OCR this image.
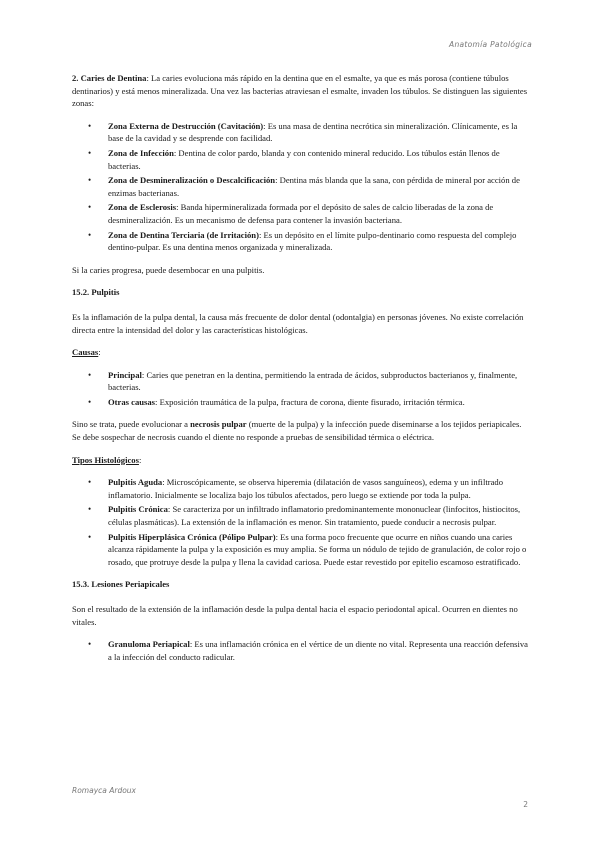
Anatomía Patológica

2. Caries de Dentina: La caries evoluciona más rápido en la dentina que en el esmalte, ya que es más porosa (contiene túbulos dentinarios) y está menos mineralizada. Una vez las bacterias atraviesan el esmalte, invaden los túbulos. Se distinguen las siguientes zonas:

• Zona Externa de Destrucción (Cavitación): Es una masa de dentina necrótica sin mineralización. Clínicamente, es la base de la cavidad y se desprende con facilidad.
• Zona de Infección: Dentina de color pardo, blanda y con contenido mineral reducido. Los túbulos están llenos de bacterias.
• Zona de Desmineralización o Descalcificación: Dentina más blanda que la sana, con pérdida de mineral por acción de enzimas bacterianas.
• Zona de Esclerosis: Banda hipermineralizada formada por el depósito de sales de calcio liberadas de la zona de desmineralización. Es un mecanismo de defensa para contener la invasión bacteriana.
• Zona de Dentina Terciaria (de Irritación): Es un depósito en el límite pulpo-dentinario como respuesta del complejo dentino-pulpar. Es una dentina menos organizada y mineralizada.

Si la caries progresa, puede desembocar en una pulpitis.

15.2. Pulpitis

Es la inflamación de la pulpa dental, la causa más frecuente de dolor dental (odontalgia) en personas jóvenes. No existe correlación directa entre la intensidad del dolor y las características histológicas.

Causas:

• Principal: Caries que penetran en la dentina, permitiendo la entrada de ácidos, subproductos bacterianos y, finalmente, bacterias.
• Otras causas: Exposición traumática de la pulpa, fractura de corona, diente fisurado, irritación térmica.

Sino se trata, puede evolucionar a necrosis pulpar (muerte de la pulpa) y la infección puede diseminarse a los tejidos periapicales. Se debe sospechar de necrosis cuando el diente no responde a pruebas de sensibilidad térmica o eléctrica.

Tipos Histológicos:

• Pulpitis Aguda: Microscópicamente, se observa hiperemia (dilatación de vasos sanguíneos), edema y un infiltrado inflamatorio. Inicialmente se localiza bajo los túbulos afectados, pero luego se extiende por toda la pulpa.
• Pulpitis Crónica: Se caracteriza por un infiltrado inflamatorio predominantemente mononuclear (linfocitos, histiocitos, células plasmáticas). La extensión de la inflamación es menor. Sin tratamiento, puede conducir a necrosis pulpar.
• Pulpitis Hiperplásica Crónica (Pólipo Pulpar): Es una forma poco frecuente que ocurre en niños cuando una caries alcanza rápidamente la pulpa y la exposición es muy amplia. Se forma un nódulo de tejido de granulación, de color rojo o rosado, que protruye desde la pulpa y llena la cavidad cariosa. Puede estar revestido por epitelio escamoso estratificado.

15.3. Lesiones Periapicales

Son el resultado de la extensión de la inflamación desde la pulpa dental hacia el espacio periodontal apical. Ocurren en dientes no vitales.

• Granuloma Periapical: Es una inflamación crónica en el vértice de un diente no vital. Representa una reacción defensiva a la infección del conducto radicular.
Romayca Ardoux
2
